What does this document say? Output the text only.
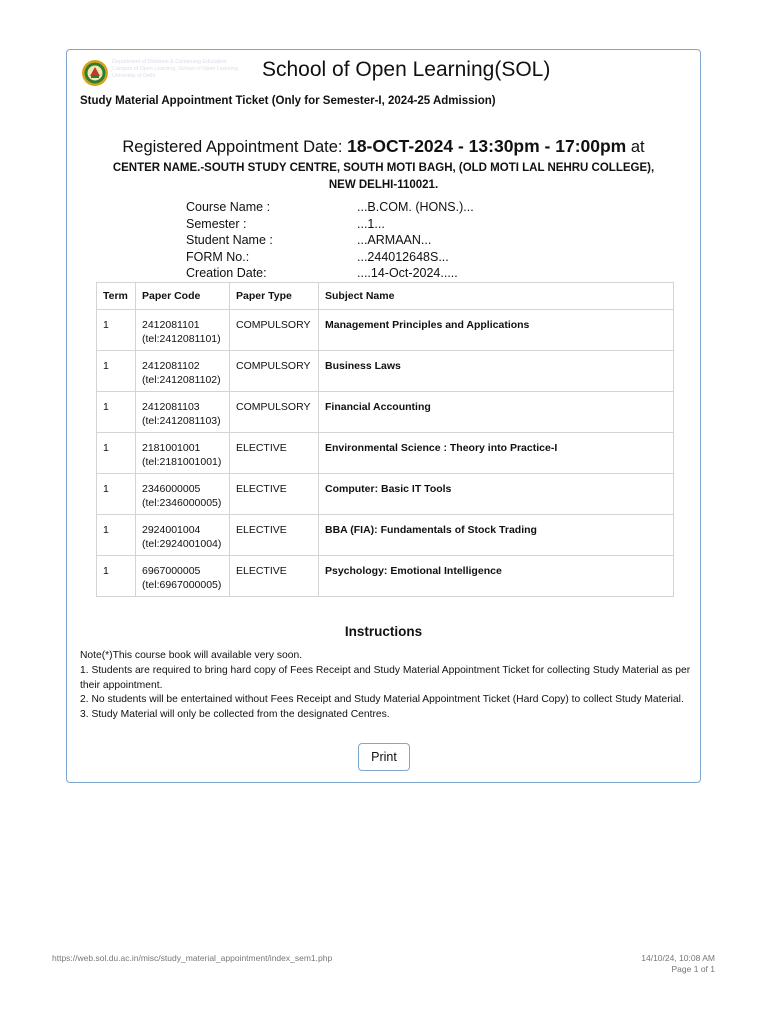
Department of Distance & Continuing Education
Campus of Open Learning, School of Open Learning
University of Delhi	School of Open Learning(SOL)
Study Material Appointment Ticket (Only for Semester-I, 2024-25 Admission)
Registered Appointment Date: 18-OCT-2024 - 13:30pm - 17:00pm at
CENTER NAME.-SOUTH STUDY CENTRE, SOUTH MOTI BAGH, (OLD MOTI LAL NEHRU COLLEGE),
NEW DELHI-110021.
Course Name :	...B.COM. (HONS.)...
Semester :	...1...
Student Name :	...ARMAAN...
FORM No.:	...244012648S...
Creation Date:	....14-Oct-2024.....
Term	Paper Code	Paper Type	Subject Name
1	2412081101
(tel:2412081101)	COMPULSORY	Management Principles and Applications
1	2412081102
(tel:2412081102)	COMPULSORY	Business Laws
1	2412081103
(tel:2412081103)	COMPULSORY	Financial Accounting
1	2181001001
(tel:2181001001)	ELECTIVE	Environmental Science : Theory into Practice-I
1	2346000005
(tel:2346000005)	ELECTIVE	Computer: Basic IT Tools
1	2924001004
(tel:2924001004)	ELECTIVE	BBA (FIA): Fundamentals of Stock Trading
1	6967000005
(tel:6967000005)	ELECTIVE	Psychology: Emotional Intelligence
Instructions
Note(*)This course book will available very soon.
1. Students are required to bring hard copy of Fees Receipt and Study Material Appointment Ticket for collecting Study Material as per their appointment.
2. No students will be entertained without Fees Receipt and Study Material Appointment Ticket (Hard Copy) to collect Study Material.
3. Study Material will only be collected from the designated Centres.
Print
https://web.sol.du.ac.in/misc/study_material_appointment/index_sem1.php	14/10/24, 10:08 AM
Page 1 of 1
